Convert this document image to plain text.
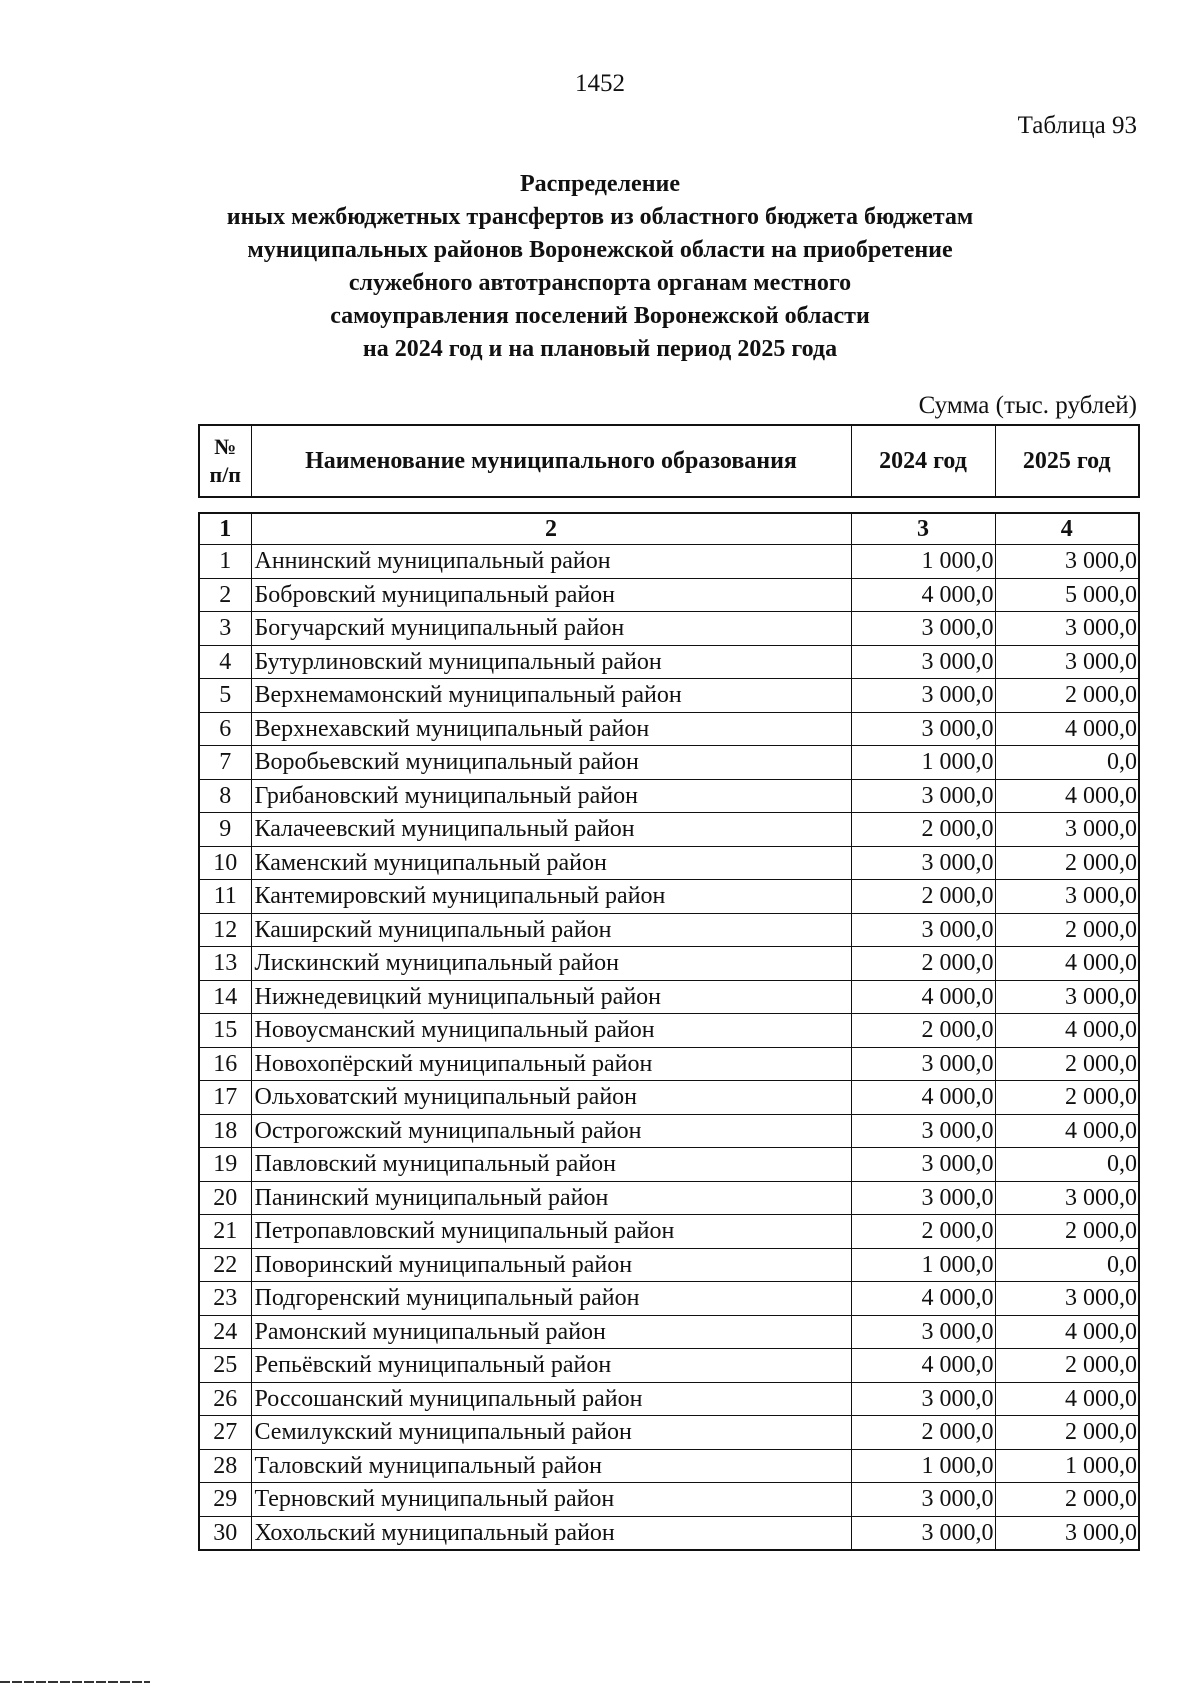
1452
Таблица 93
Распределение
иных межбюджетных трансфертов из областного бюджета бюджетам
муниципальных районов Воронежской области на приобретение
служебного автотранспорта органам местного
самоуправления поселений Воронежской области
на 2024 год и на плановый период 2025 года
Сумма (тыс. рублей)
№
п/п
	Наименование муниципального образования	2024 год	2025 год
1	2	3	4
1	Аннинский муниципальный район	1 000,0	3 000,0
2	Бобровский муниципальный район	4 000,0	5 000,0
3	Богучарский муниципальный район	3 000,0	3 000,0
4	Бутурлиновский муниципальный район	3 000,0	3 000,0
5	Верхнемамонский муниципальный район	3 000,0	2 000,0
6	Верхнехавский муниципальный район	3 000,0	4 000,0
7	Воробьевский муниципальный район	1 000,0	0,0
8	Грибановский муниципальный район	3 000,0	4 000,0
9	Калачеевский муниципальный район	2 000,0	3 000,0
10	Каменский муниципальный район	3 000,0	2 000,0
11	Кантемировский муниципальный район	2 000,0	3 000,0
12	Каширский муниципальный район	3 000,0	2 000,0
13	Лискинский муниципальный район	2 000,0	4 000,0
14	Нижнедевицкий муниципальный район	4 000,0	3 000,0
15	Новоусманский муниципальный район	2 000,0	4 000,0
16	Новохопёрский муниципальный район	3 000,0	2 000,0
17	Ольховатский муниципальный район	4 000,0	2 000,0
18	Острогожский муниципальный район	3 000,0	4 000,0
19	Павловский муниципальный район	3 000,0	0,0
20	Панинский муниципальный район	3 000,0	3 000,0
21	Петропавловский муниципальный район	2 000,0	2 000,0
22	Поворинский муниципальный район	1 000,0	0,0
23	Подгоренский муниципальный район	4 000,0	3 000,0
24	Рамонский муниципальный район	3 000,0	4 000,0
25	Репьёвский муниципальный район	4 000,0	2 000,0
26	Россошанский муниципальный район	3 000,0	4 000,0
27	Семилукский муниципальный район	2 000,0	2 000,0
28	Таловский муниципальный район	1 000,0	1 000,0
29	Терновский муниципальный район	3 000,0	2 000,0
30	Хохольский муниципальный район	3 000,0	3 000,0
